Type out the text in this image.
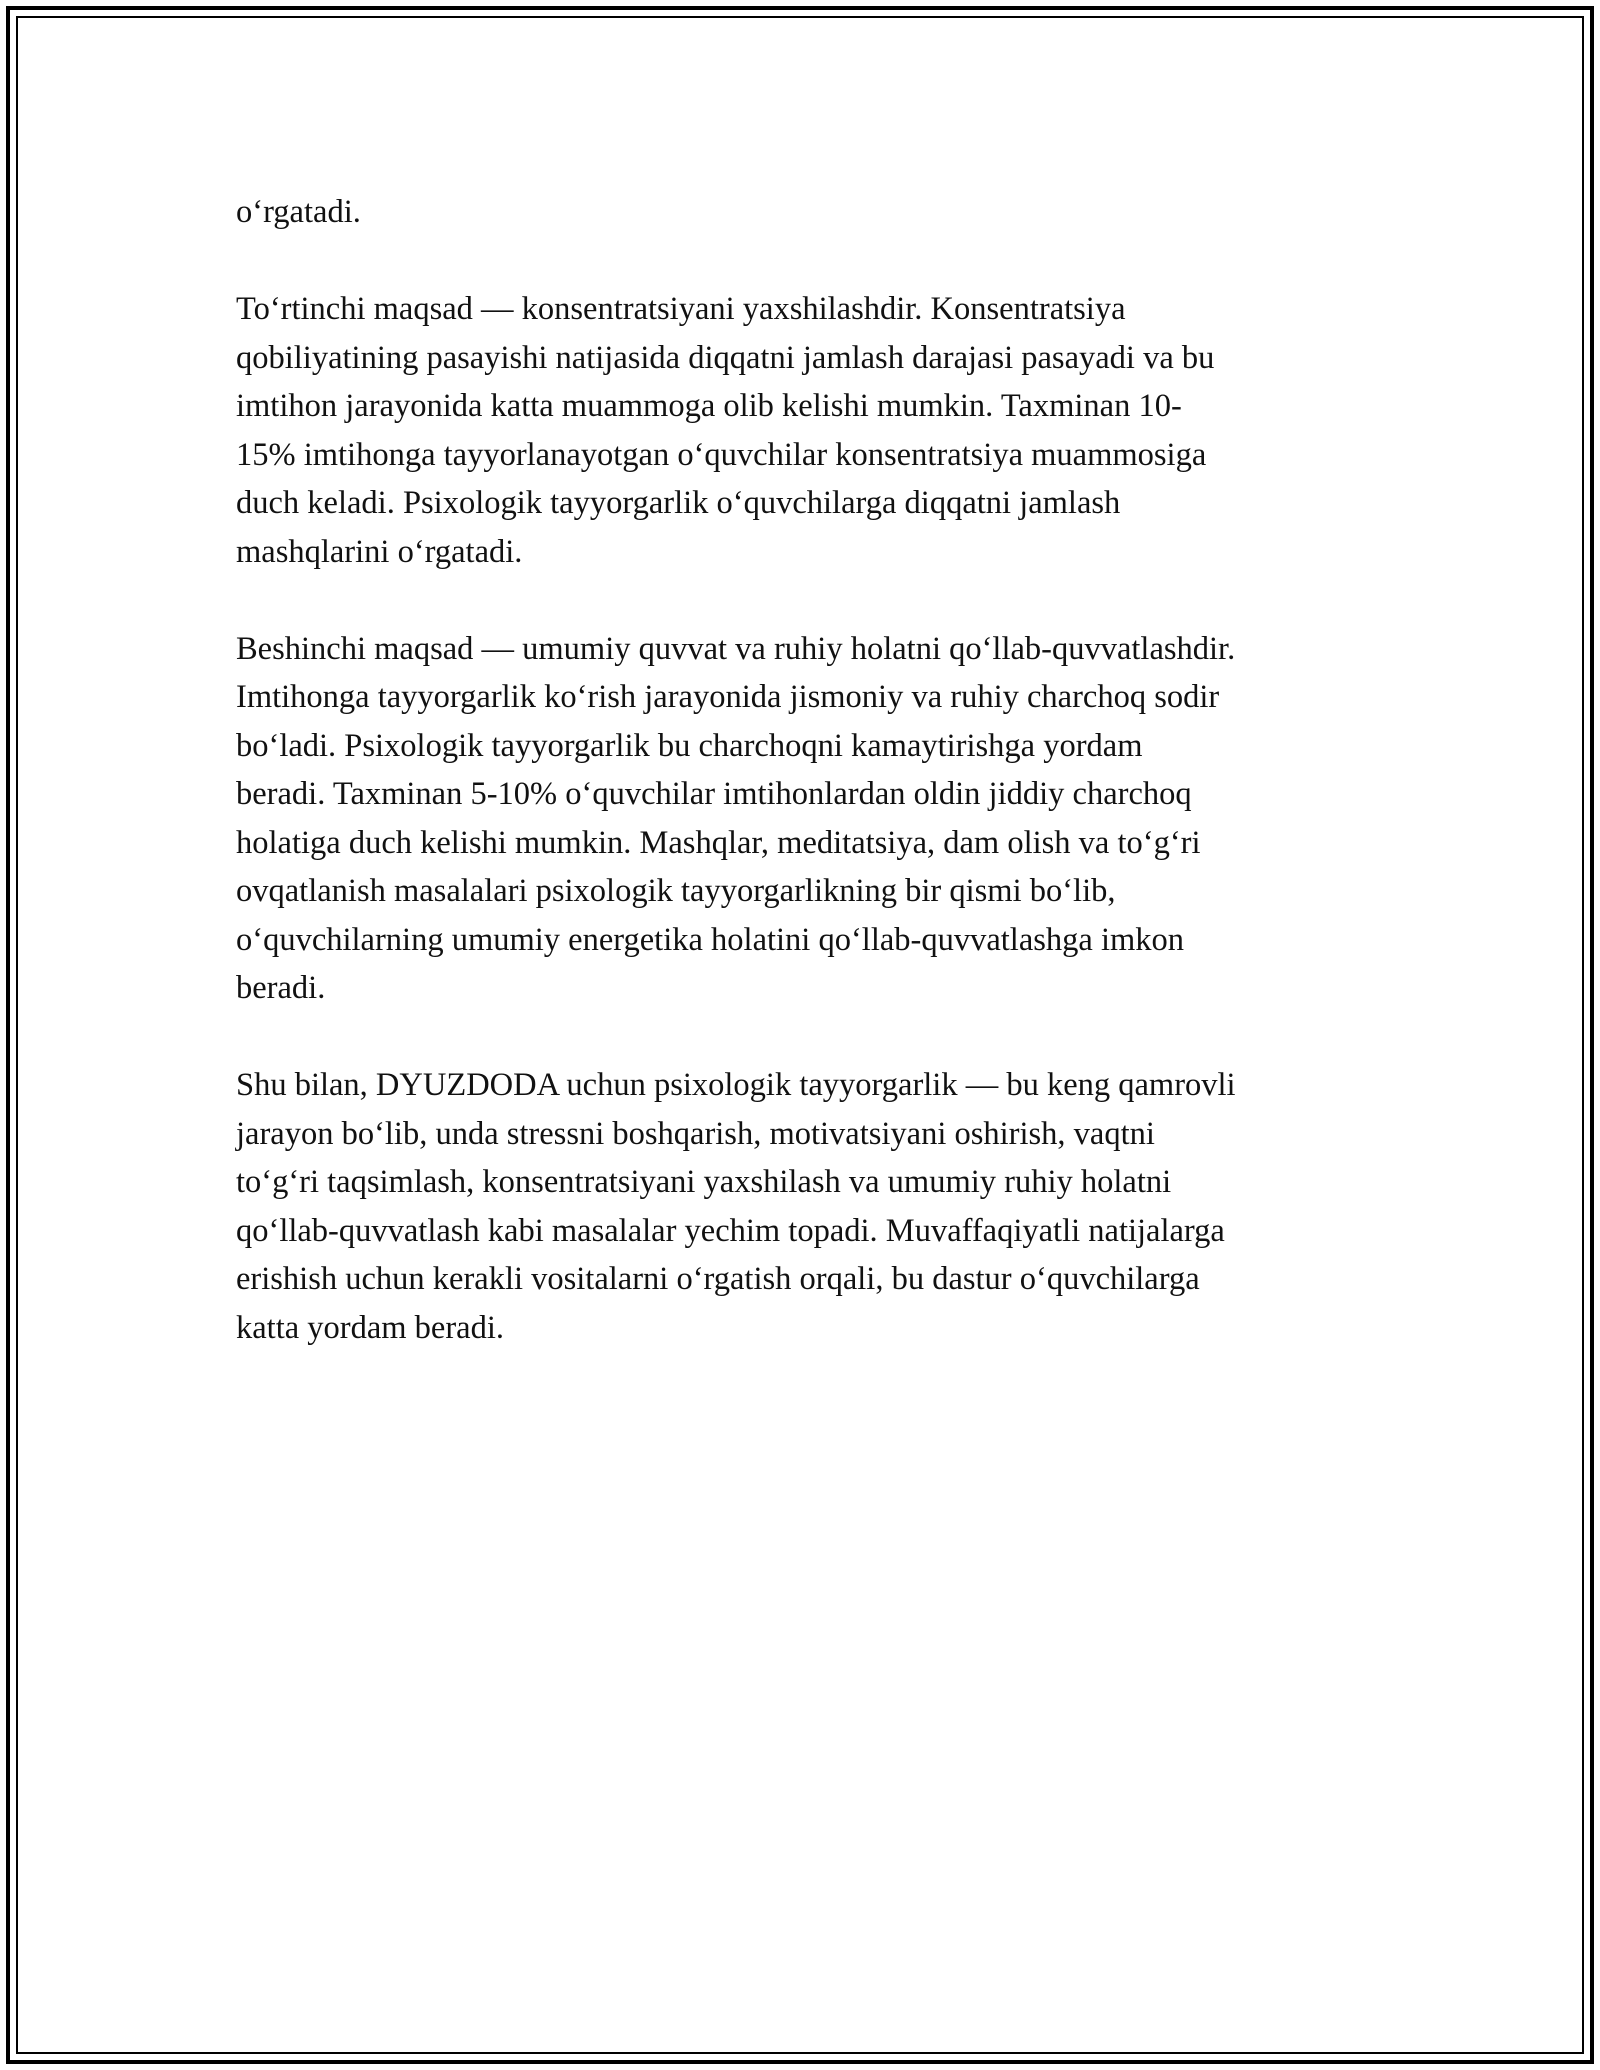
o‘rgatadi.
To‘rtinchi maqsad — konsentratsiyani yaxshilashdir. Konsentratsiya
qobiliyatining pasayishi natijasida diqqatni jamlash darajasi pasayadi va bu
imtihon jarayonida katta muammoga olib kelishi mumkin. Taxminan 10-
15% imtihonga tayyorlanayotgan o‘quvchilar konsentratsiya muammosiga
duch keladi. Psixologik tayyorgarlik o‘quvchilarga diqqatni jamlash
mashqlarini o‘rgatadi.
Beshinchi maqsad — umumiy quvvat va ruhiy holatni qo‘llab-quvvatlashdir.
Imtihonga tayyorgarlik ko‘rish jarayonida jismoniy va ruhiy charchoq sodir
bo‘ladi. Psixologik tayyorgarlik bu charchoqni kamaytirishga yordam
beradi. Taxminan 5-10% o‘quvchilar imtihonlardan oldin jiddiy charchoq
holatiga duch kelishi mumkin. Mashqlar, meditatsiya, dam olish va to‘g‘ri
ovqatlanish masalalari psixologik tayyorgarlikning bir qismi bo‘lib,
o‘quvchilarning umumiy energetika holatini qo‘llab-quvvatlashga imkon
beradi.
Shu bilan, DYUZDODA uchun psixologik tayyorgarlik — bu keng qamrovli
jarayon bo‘lib, unda stressni boshqarish, motivatsiyani oshirish, vaqtni
to‘g‘ri taqsimlash, konsentratsiyani yaxshilash va umumiy ruhiy holatni
qo‘llab-quvvatlash kabi masalalar yechim topadi. Muvaffaqiyatli natijalarga
erishish uchun kerakli vositalarni o‘rgatish orqali, bu dastur o‘quvchilarga
katta yordam beradi.
